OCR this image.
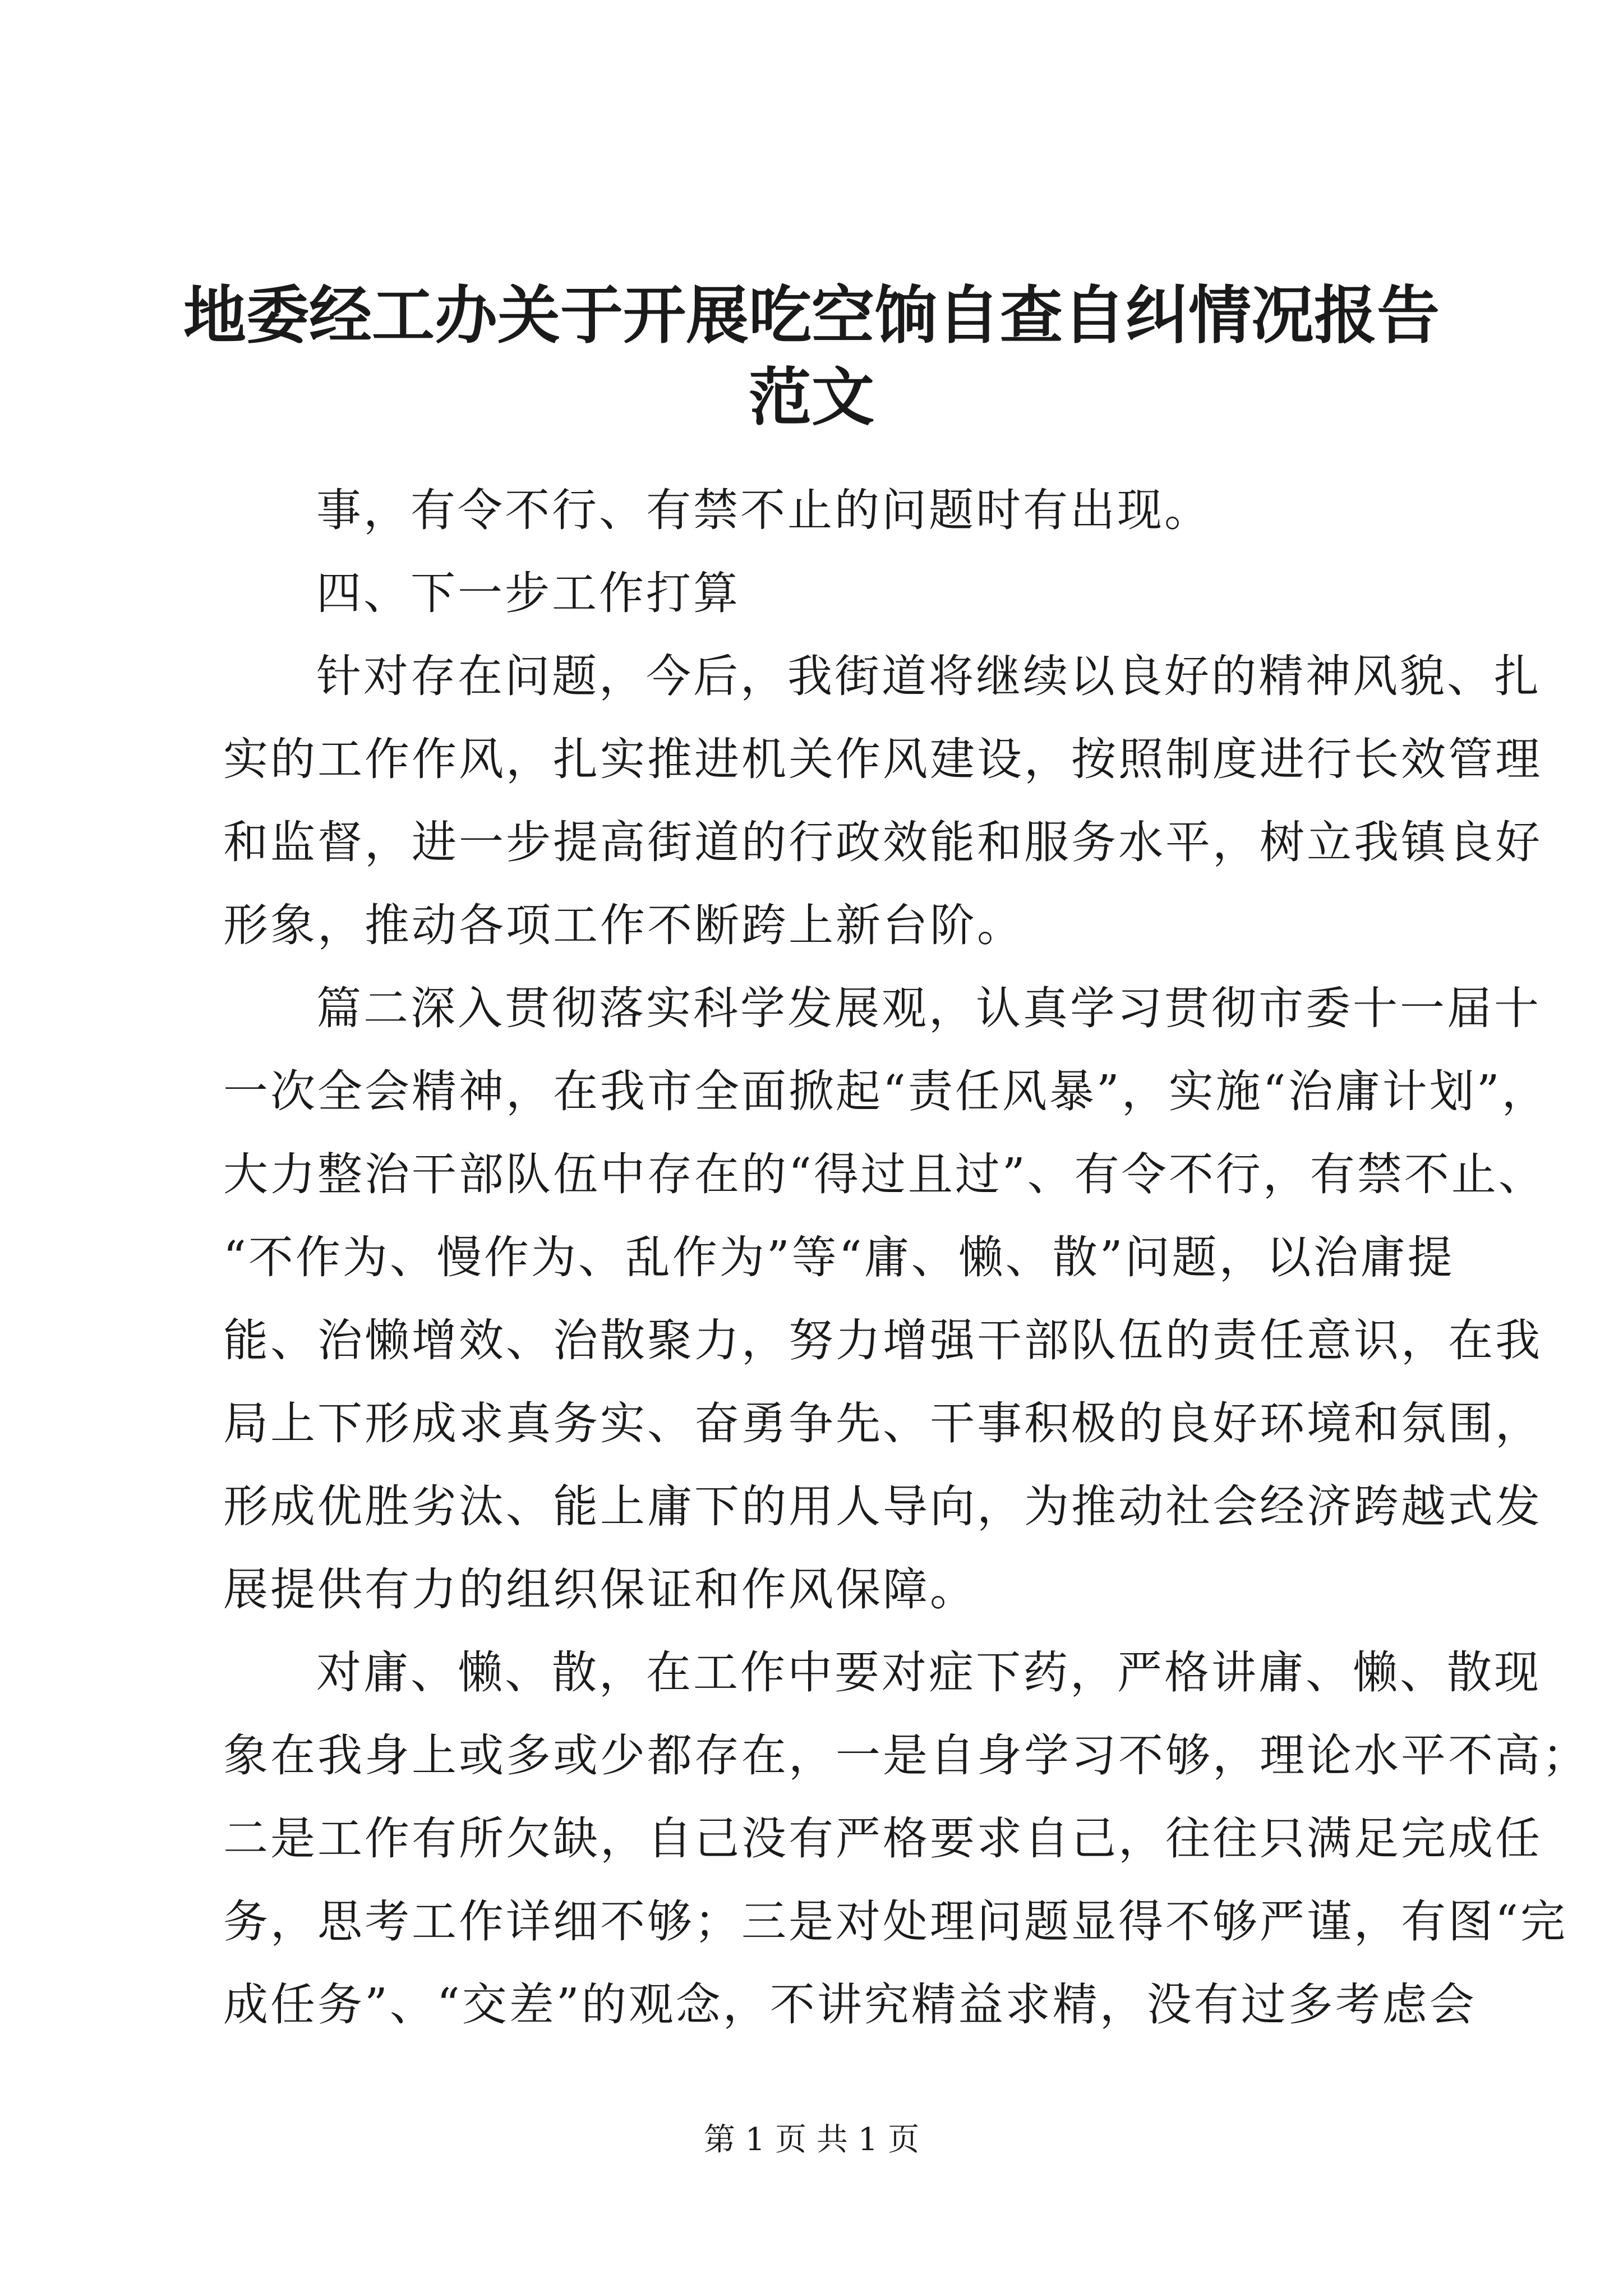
地委经工办关于开展吃空饷自查自纠情况报告
范文
事，有令不行、有禁不止的问题时有出现。
四、下一步工作打算
针对存在问题，今后，我街道将继续以良好的精神风貌、扎
实的工作作风，扎实推进机关作风建设，按照制度进行长效管理
和监督，进一步提高街道的行政效能和服务水平，树立我镇良好
形象，推动各项工作不断跨上新台阶。
篇二深入贯彻落实科学发展观，认真学习贯彻市委十一届十
一次全会精神，在我市全面掀起“责任风暴”，实施“治庸计划”，
大力整治干部队伍中存在的“得过且过”、有令不行，有禁不止、
“不作为、慢作为、乱作为”等“庸、懒、散”问题，以治庸提
能、治懒增效、治散聚力，努力增强干部队伍的责任意识，在我
局上下形成求真务实、奋勇争先、干事积极的良好环境和氛围，
形成优胜劣汰、能上庸下的用人导向，为推动社会经济跨越式发
展提供有力的组织保证和作风保障。
对庸、懒、散，在工作中要对症下药，严格讲庸、懒、散现
象在我身上或多或少都存在，一是自身学习不够，理论水平不高；
二是工作有所欠缺，自己没有严格要求自己，往往只满足完成任
务，思考工作详细不够；三是对处理问题显得不够严谨，有图“完
成任务”、“交差”的观念，不讲究精益求精，没有过多考虑会
第 1 页 共 1 页
